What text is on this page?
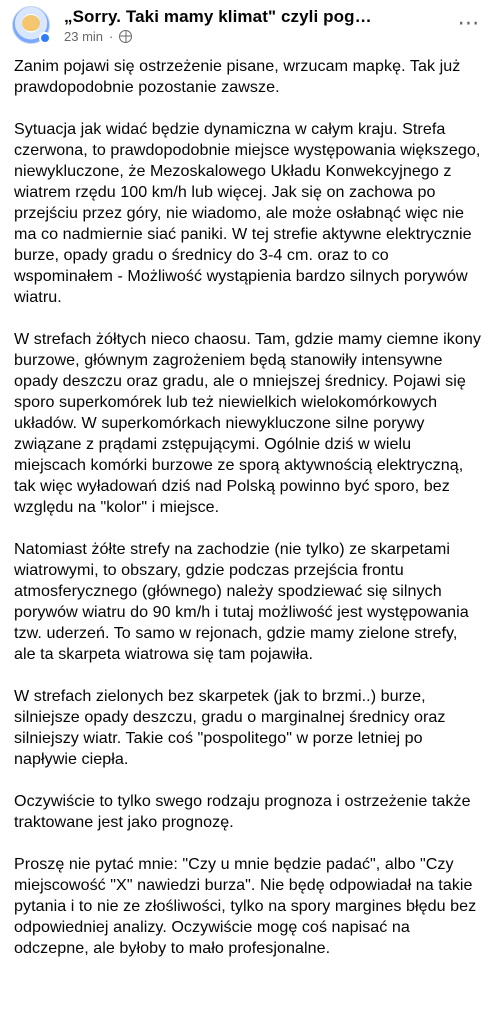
„Sorry. Taki mamy klimat" czyli pog…
23 min ·
⋯

Zanim pojawi się ostrzeżenie pisane, wrzucam mapkę. Tak już prawdopodobnie pozostanie zawsze.

Sytuacja jak widać będzie dynamiczna w całym kraju. Strefa czerwona, to prawdopodobnie miejsce występowania większego, niewykluczone, że Mezoskalowego Układu Konwekcyjnego z wiatrem rzędu 100 km/h lub więcej. Jak się on zachowa po przejściu przez góry, nie wiadomo, ale może osłabnąć więc nie ma co nadmiernie siać paniki. W tej strefie aktywne elektrycznie burze, opady gradu o średnicy do 3-4 cm. oraz to co wspominałem - Możliwość wystąpienia bardzo silnych porywów wiatru.

W strefach żółtych nieco chaosu. Tam, gdzie mamy ciemne ikony burzowe, głównym zagrożeniem będą stanowiły intensywne opady deszczu oraz gradu, ale o mniejszej średnicy. Pojawi się sporo superkomórek lub też niewielkich wielokomórkowych układów. W superkomórkach niewykluczone silne porywy związane z prądami zstępującymi. Ogólnie dziś w wielu miejscach komórki burzowe ze sporą aktywnością elektryczną, tak więc wyładowań dziś nad Polską powinno być sporo, bez względu na "kolor" i miejsce.

Natomiast żółte strefy na zachodzie (nie tylko) ze skarpetami wiatrowymi, to obszary, gdzie podczas przejścia frontu atmosferycznego (głównego) należy spodziewać się silnych porywów wiatru do 90 km/h i tutaj możliwość jest występowania tzw. uderzeń. To samo w rejonach, gdzie mamy zielone strefy, ale ta skarpeta wiatrowa się tam pojawiła.

W strefach zielonych bez skarpetek (jak to brzmi..) burze, silniejsze opady deszczu, gradu o marginalnej średnicy oraz silniejszy wiatr. Takie coś "pospolitego" w porze letniej po napływie ciepła.

Oczywiście to tylko swego rodzaju prognoza i ostrzeżenie także traktowane jest jako prognozę.

Proszę nie pytać mnie: "Czy u mnie będzie padać", albo "Czy miejscowość "X" nawiedzi burza". Nie będę odpowiadał na takie pytania i to nie ze złośliwości, tylko na spory margines błędu bez odpowiedniej analizy. Oczywiście mogę coś napisać na odczepne, ale byłoby to mało profesjonalne.
